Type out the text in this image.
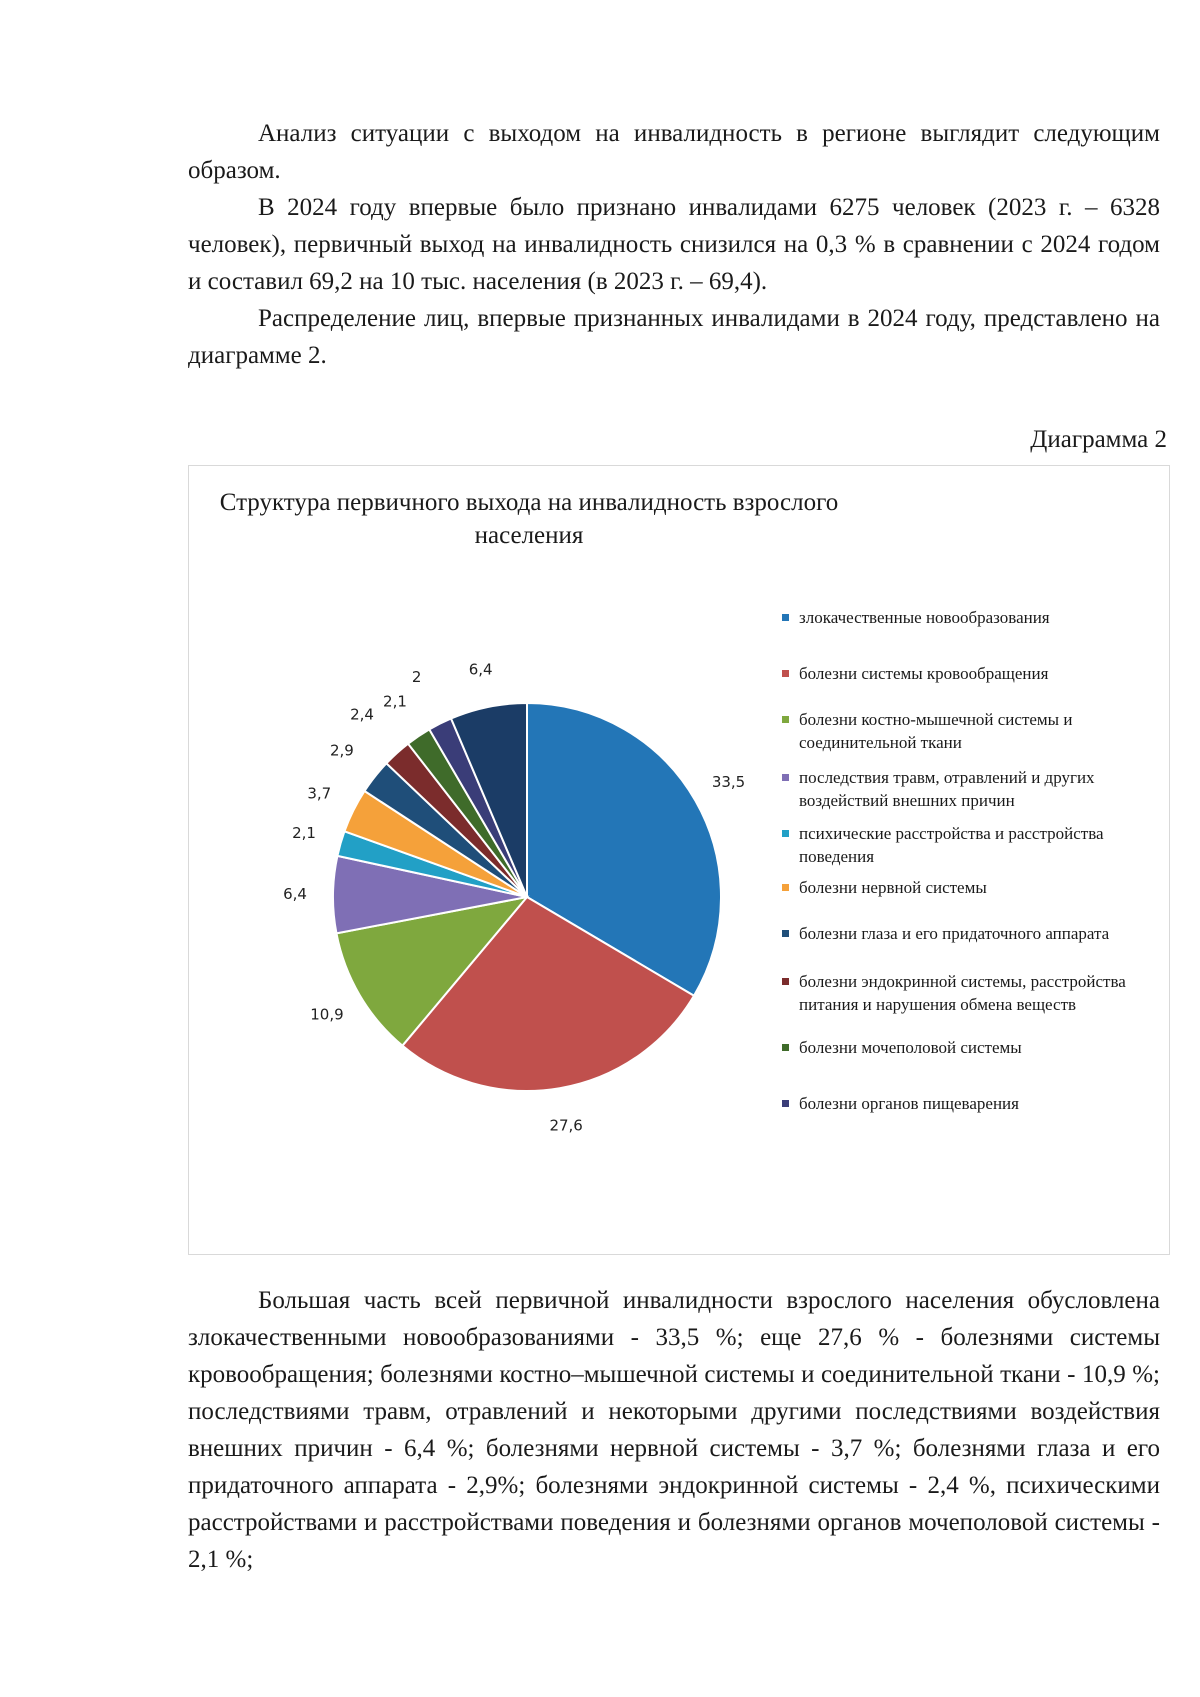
Анализ ситуации с выходом на инвалидность в регионе выглядит следующим образом.

В 2024 году впервые было признано инвалидами 6275 человек (2023 г. – 6328 человек), первичный выход на инвалидность снизился на 0,3 % в сравнении с 2024 годом и составил 69,2 на 10 тыс. населения (в 2023 г. – 69,4).

Распределение лиц, впервые признанных инвалидами в 2024 году, представлено на диаграмме 2.

Диаграмма 2
Структура первичного выхода на инвалидность взрослого населения
33,5
27,6
10,9
6,4
2,1
3,7
2,9
2,4
2,1
2	6,4
злокачественные новообразования
болезни системы кровообращения
болезни костно-мышечной системы и соединительной ткани
последствия травм, отравлений и других воздействий внешних причин
психические расстройства и расстройства поведения
болезни нервной системы
болезни глаза и его придаточного аппарата
болезни эндокринной системы, расстройства питания и нарушения обмена веществ
болезни мочеполовой системы
болезни органов пищеварения

Большая часть всей первичной инвалидности взрослого населения обусловлена злокачественными новообразованиями - 33,5 %; еще 27,6 % - болезнями системы кровообращения; болезнями костно–мышечной системы и соединительной ткани - 10,9 %; последствиями травм, отравлений и некоторыми другими последствиями воздействия внешних причин - 6,4 %; болезнями нервной системы - 3,7 %; болезнями глаза и его придаточного аппарата - 2,9%; болезнями эндокринной системы - 2,4 %, психическими расстройствами и расстройствами поведения и болезнями органов мочеполовой системы - 2,1 %;
